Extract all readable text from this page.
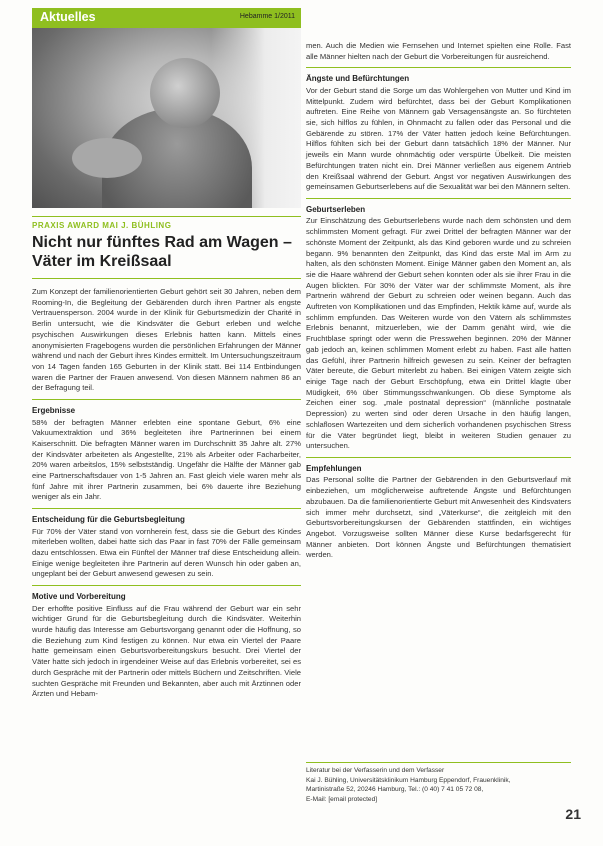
Aktuelles	Hebamme 1/2011
PRAXIS AWARD MAI J. BÜHLING
Nicht nur fünftes Rad am Wagen – Väter im Kreißsaal

Zum Konzept der familienorientierten Geburt gehört seit 30 Jahren, neben dem Rooming-In, die Begleitung der Gebärenden durch ihren Partner als engste Vertrauensperson. 2004 wurde in der Klinik für Geburtsmedizin der Charité in Berlin untersucht, wie die Kindsväter die Geburt erleben und welche psychischen Auswirkungen dieses Erlebnis hatten kann. Mittels eines anonymisierten Fragebogens wurden die persönlichen Erfahrungen der Männer während und nach der Geburt ihres Kindes ermittelt. Im Untersuchungszeitraum von 14 Tagen fanden 165 Geburten in der Klinik statt. Bei 114 Entbindungen waren die Partner der Frauen anwesend. Von diesen Männern nahmen 86 an der Befragung teil.

Ergebnisse

58% der befragten Männer erlebten eine spontane Geburt, 6% eine Vakuumextraktion und 36% begleiteten ihre Partnerinnen bei einem Kaiserschnitt. Die befragten Männer waren im Durchschnitt 35 Jahre alt. 27% der Kindsväter arbeiteten als Angestellte, 21% als Arbeiter oder Facharbeiter, 20% waren arbeitslos, 15% selbstständig. Ungefähr die Hälfte der Männer gab eine Partnerschaftsdauer von 1-5 Jahren an. Fast gleich viele waren mehr als fünf Jahre mit ihrer Partnerin zusammen, bei 6% dauerte ihre Beziehung weniger als ein Jahr.

Entscheidung für die Geburtsbegleitung

Für 70% der Väter stand von vornherein fest, dass sie die Geburt des Kindes miterleben wollten, dabei hatte sich das Paar in fast 70% der Fälle gemeinsam dazu entschlossen. Etwa ein Fünftel der Männer traf diese Entscheidung allein. Einige wenige begleiteten ihre Partnerin auf deren Wunsch hin oder gaben an, ungeplant bei der Geburt anwesend gewesen zu sein.

Motive und Vorbereitung

Der erhoffte positive Einfluss auf die Frau während der Geburt war ein sehr wichtiger Grund für die Geburtsbegleitung durch die Kindsväter. Weiterhin wurde häufig das Interesse am Geburtsvorgang genannt oder die Hoffnung, so die Beziehung zum Kind festigen zu können. Nur etwa ein Viertel der Paare hatte gemeinsam einen Geburtsvorbereitungskurs besucht. Drei Viertel der Väter hatte sich jedoch in irgendeiner Weise auf das Erlebnis vorbereitet, sei es durch Gespräche mit der Partnerin oder mittels Büchern und Zeitschriften. Viele suchten Gespräche mit Freunden und Bekannten, aber auch mit Ärztinnen oder Ärzten und Hebam-

men. Auch die Medien wie Fernsehen und Internet spielten eine Rolle. Fast alle Männer hielten nach der Geburt die Vorbereitungen für ausreichend.

Ängste und Befürchtungen

Vor der Geburt stand die Sorge um das Wohlergehen von Mutter und Kind im Mittelpunkt. Zudem wird befürchtet, dass bei der Geburt Komplikationen auftreten. Eine Reihe von Männern gab Versagensängste an. So fürchteten sie, sich hilflos zu fühlen, in Ohnmacht zu fallen oder das Personal und die Gebärende zu stören. 17% der Väter hatten jedoch keine Befürchtungen. Hilflos fühlten sich bei der Geburt dann tatsächlich 18% der Männer. Nur jeweils ein Mann wurde ohnmächtig oder verspürte Übelkeit. Die meisten Befürchtungen traten nicht ein. Drei Männer verließen aus eigenem Antrieb den Kreißsaal während der Geburt. Angst vor negativen Auswirkungen des gemeinsamen Geburtserlebens auf die Sexualität war bei den Männern selten.

Geburtserleben

Zur Einschätzung des Geburtserlebens wurde nach dem schönsten und dem schlimmsten Moment gefragt. Für zwei Drittel der befragten Männer war der schönste Moment der Zeitpunkt, als das Kind geboren wurde und zu schreien begann. 9% benannten den Zeitpunkt, das Kind das erste Mal im Arm zu halten, als den schönsten Moment. Einige Männer gaben den Moment an, als sie die Haare während der Geburt sehen konnten oder als sie ihrer Frau in die Augen blickten. Für 30% der Väter war der schlimmste Moment, als ihre Partnerin während der Geburt zu schreien oder weinen begann. Auch das Auftreten von Komplikationen und das Empfinden, Hektik käme auf, wurde als schlimm empfunden. Das Weiteren wurde von den Vätern als schlimmstes Erlebnis benannt, mitzuerleben, wie der Damm genäht wird, wie die Fruchtblase springt oder wenn die Presswehen beginnen. 20% der Männer gab jedoch an, keinen schlimmen Moment erlebt zu haben. Fast alle hatten das Gefühl, ihrer Partnerin hilfreich gewesen zu sein. Keiner der befragten Väter bereute, die Geburt miterlebt zu haben. Bei einigen Vätern zeigte sich einige Tage nach der Geburt Erschöpfung, etwa ein Drittel klagte über Müdigkeit, 6% über Stimmungsschwankungen. Ob diese Symptome als Zeichen einer sog. „male postnatal depression“ (männliche postnatale Depression) zu werten sind oder deren Ursache in den häufig langen, schlaflosen Wartezeiten und dem sicherlich vorhandenen psychischen Stress für die Väter begründet liegt, bleibt in weiteren Studien genauer zu untersuchen.

Empfehlungen

Das Personal sollte die Partner der Gebärenden in den Geburtsverlauf mit einbeziehen, um möglicherweise auftretende Ängste und Befürchtungen abzubauen. Da die familienorientierte Geburt mit Anwesenheit des Kindsvaters sich immer mehr durchsetzt, sind „Väterkurse“, die zeitgleich mit den Geburtsvorbereitungskursen der Gebärenden stattfinden, ein wichtiges Angebot. Vorzugsweise sollten Männer diese Kurse bedarfsgerecht für Männer anbieten. Dort können Ängste und Befürchtungen thematisiert werden.

Literatur bei der Verfasserin und dem Verfasser
Kai J. Bühling, Universitätsklinikum Hamburg Eppendorf, Frauenklinik,
Martinistraße 52, 20246 Hamburg, Tel.: (0 40) 7 41 05 72 08,
E-Mail: [email protected]
21
